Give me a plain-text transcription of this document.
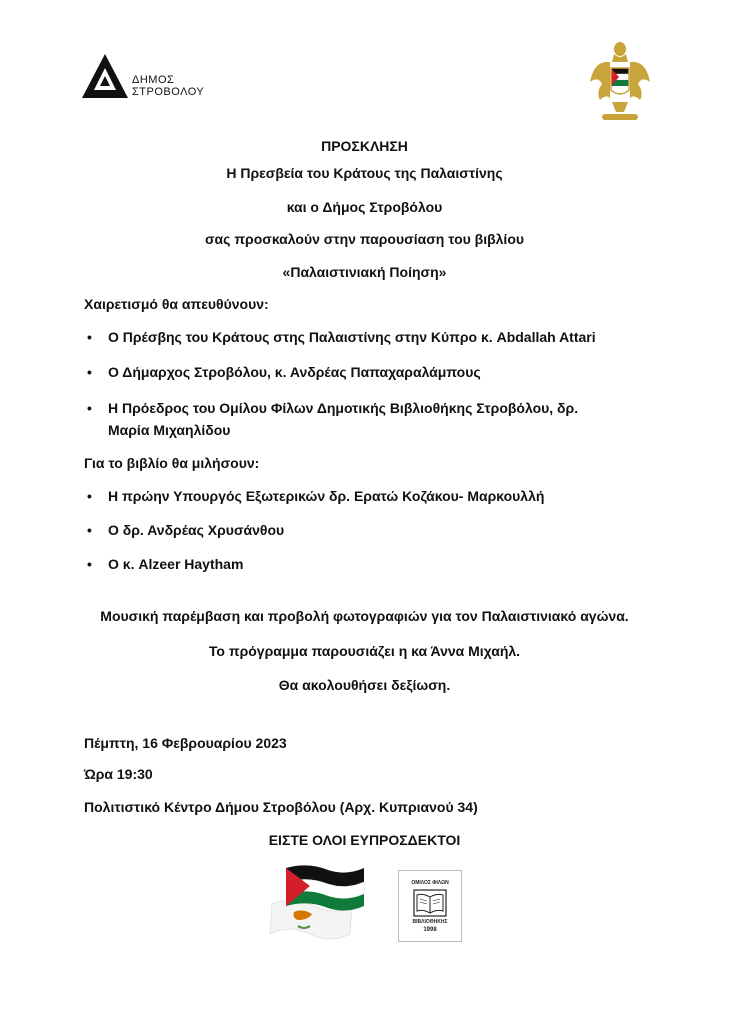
ΔΗΜΟΣ
ΣΤΡΟΒΟΛΟΥ
ΠΡΟΣΚΛΗΣΗ
Η Πρεσβεία του Κράτους της Παλαιστίνης
και ο Δήμος Στροβόλου
σας προσκαλούν στην παρουσίαση του βιβλίου
«Παλαιστινιακή Ποίηση»
Χαιρετισμό θα απευθύνουν:
• Ο Πρέσβης του Κράτους στης Παλαιστίνης στην Κύπρο κ. Abdallah Attari
• Ο Δήμαρχος Στροβόλου, κ. Ανδρέας Παπαχαραλάμπους
• Η Πρόεδρος του Ομίλου Φίλων Δημοτικής Βιβλιοθήκης Στροβόλου, δρ.
Μαρία Μιχαηλίδου
Για το βιβλίο θα μιλήσουν:
• Η πρώην Υπουργός Εξωτερικών δρ. Ερατώ Κοζάκου- Μαρκουλλή
• Ο δρ. Ανδρέας Χρυσάνθου
• Ο κ. Alzeer Haytham
Μουσική παρέμβαση και προβολή φωτογραφιών για τον Παλαιστινιακό αγώνα.
Το πρόγραμμα παρουσιάζει η κα Άννα Μιχαήλ.
Θα ακολουθήσει δεξίωση.
Πέμπτη, 16 Φεβρουαρίου 2023
Ώρα 19:30
Πολιτιστικό Κέντρο Δήμου Στροβόλου (Αρχ. Κυπριανού 34)
ΕΙΣΤΕ ΟΛΟΙ ΕΥΠΡΟΣΔΕΚΤΟΙ
ΟΜΙΛΟΣ ΦΙΛΩΝ
ΒΙΒΛΙΟΘΗΚΗΣ
1998
